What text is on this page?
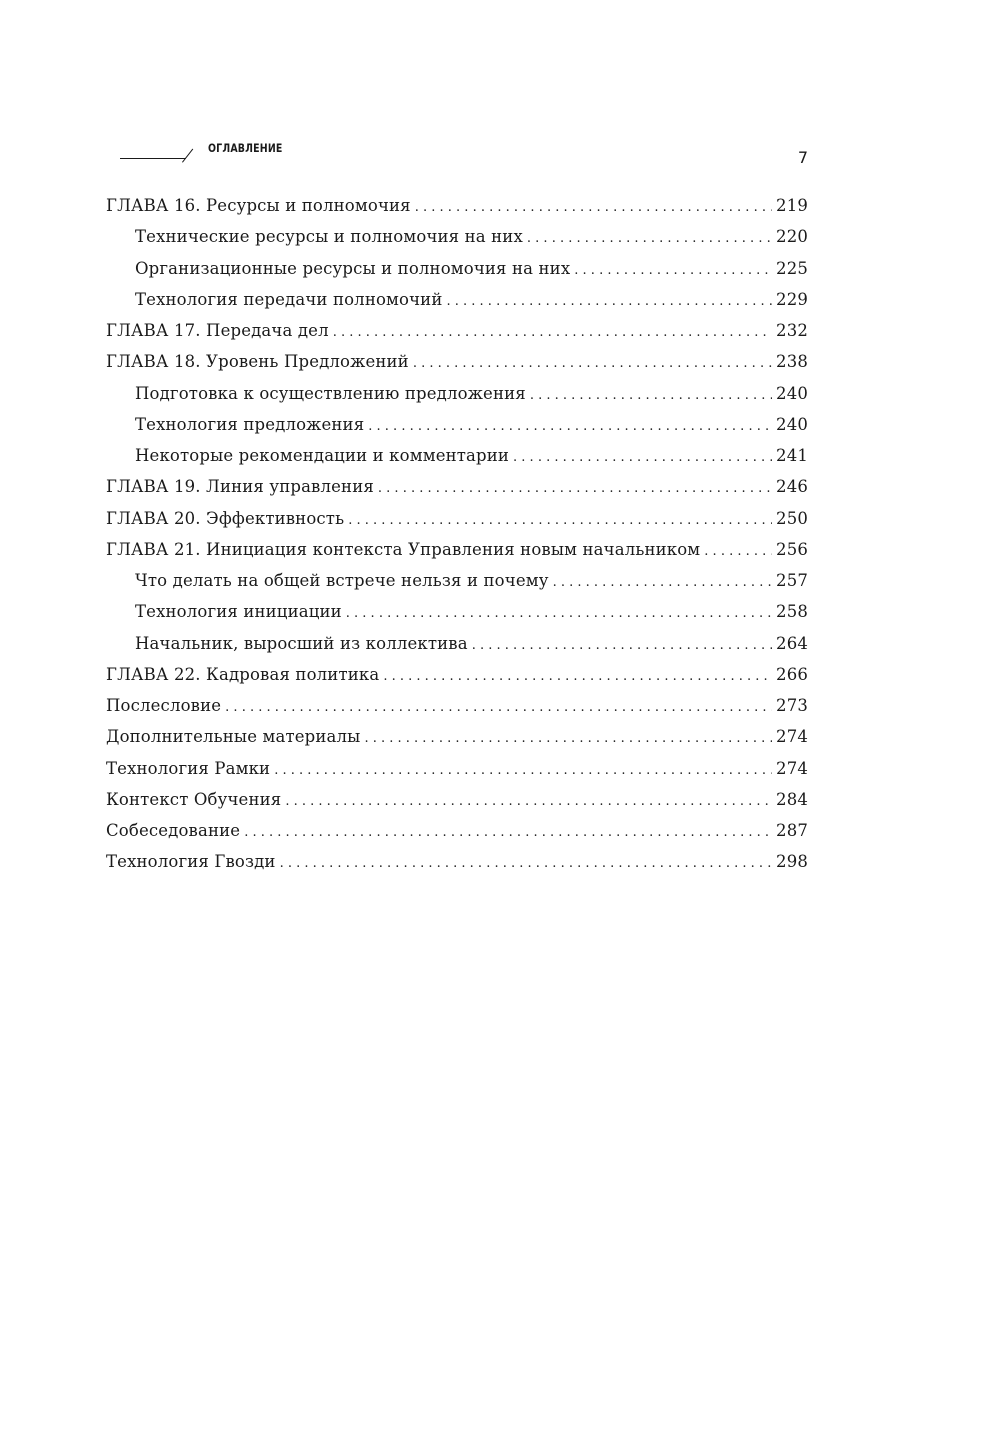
ОГЛАВЛЕНИЕ	7
ГЛАВА 16. Ресурсы и полномочия . . .	219
Технические ресурсы и полномочия на них . . .	220
Организационные ресурсы и полномочия на них . . .	225
Технология передачи полномочий . . .	229
ГЛАВА 17. Передача дел . . .	232
ГЛАВА 18. Уровень Предложений . . .	238
Подготовка к осуществлению предложения . . .	240
Технология предложения . . .	240
Некоторые рекомендации и комментарии . . .	241
ГЛАВА 19. Линия управления . . .	246
ГЛАВА 20. Эффективность . . .	250
ГЛАВА 21. Инициация контекста Управления новым начальником . . .	256
Что делать на общей встрече нельзя и почему . . .	257
Технология инициации . . .	258
Начальник, выросший из коллектива . . .	264
ГЛАВА 22. Кадровая политика . . .	266
Послесловие . . .	273
Дополнительные материалы . . .	274
Технология Рамки . . .	274
Контекст Обучения . . .	284
Собеседование . . .	287
Технология Гвозди . . .	298
